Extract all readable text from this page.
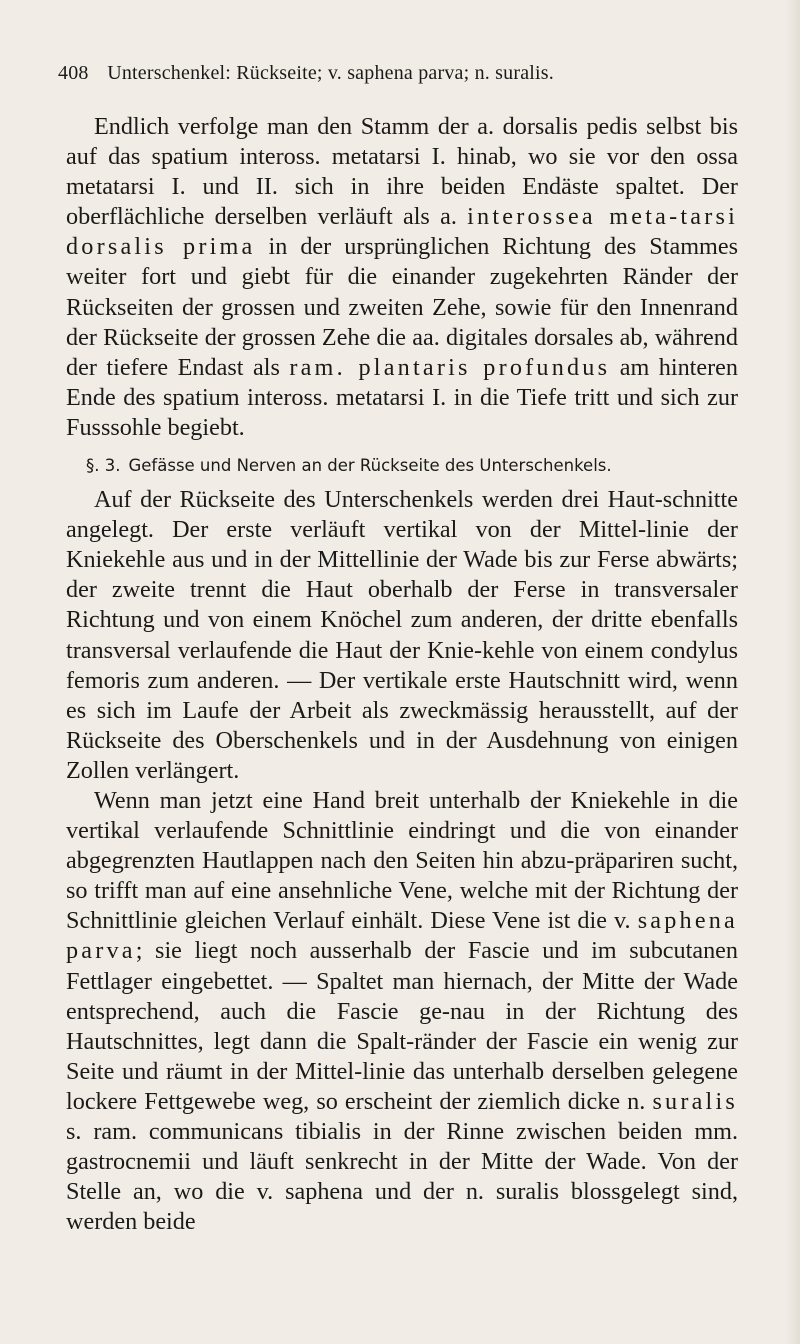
408 Unterschenkel: Rückseite; v. saphena parva; n. suralis.

Endlich verfolge man den Stamm der a. dorsalis pedis selbst bis auf das spatium inteross. metatarsi I. hinab, wo sie vor den ossa metatarsi I. und II. sich in ihre beiden Endäste spaltet. Der oberflächliche derselben verläuft als a. interossea meta-tarsi dorsalis prima in der ursprünglichen Richtung des Stammes weiter fort und giebt für die einander zugekehrten Ränder der Rückseiten der grossen und zweiten Zehe, sowie für den Innenrand der Rückseite der grossen Zehe die aa. digitales dorsales ab, während der tiefere Endast als ram. plantaris profundus am hinteren Ende des spatium inteross. metatarsi I. in die Tiefe tritt und sich zur Fusssohle begiebt.

§. 3. Gefässe und Nerven an der Rückseite des Unterschenkels.

Auf der Rückseite des Unterschenkels werden drei Haut-schnitte angelegt. Der erste verläuft vertikal von der Mittel-linie der Kniekehle aus und in der Mittellinie der Wade bis zur Ferse abwärts; der zweite trennt die Haut oberhalb der Ferse in transversaler Richtung und von einem Knöchel zum anderen, der dritte ebenfalls transversal verlaufende die Haut der Knie-kehle von einem condylus femoris zum anderen. — Der vertikale erste Hautschnitt wird, wenn es sich im Laufe der Arbeit als zweckmässig herausstellt, auf der Rückseite des Oberschenkels und in der Ausdehnung von einigen Zollen verlängert.

Wenn man jetzt eine Hand breit unterhalb der Kniekehle in die vertikal verlaufende Schnittlinie eindringt und die von einander abgegrenzten Hautlappen nach den Seiten hin abzu-präpariren sucht, so trifft man auf eine ansehnliche Vene, welche mit der Richtung der Schnittlinie gleichen Verlauf einhält. Diese Vene ist die v. saphena parva; sie liegt noch ausserhalb der Fascie und im subcutanen Fettlager eingebettet. — Spaltet man hiernach, der Mitte der Wade entsprechend, auch die Fascie ge-nau in der Richtung des Hautschnittes, legt dann die Spalt-ränder der Fascie ein wenig zur Seite und räumt in der Mittel-linie das unterhalb derselben gelegene lockere Fettgewebe weg, so erscheint der ziemlich dicke n. suralis s. ram. communicans tibialis in der Rinne zwischen beiden mm. gastrocnemii und läuft senkrecht in der Mitte der Wade. Von der Stelle an, wo die v. saphena und der n. suralis blossgelegt sind, werden beide
